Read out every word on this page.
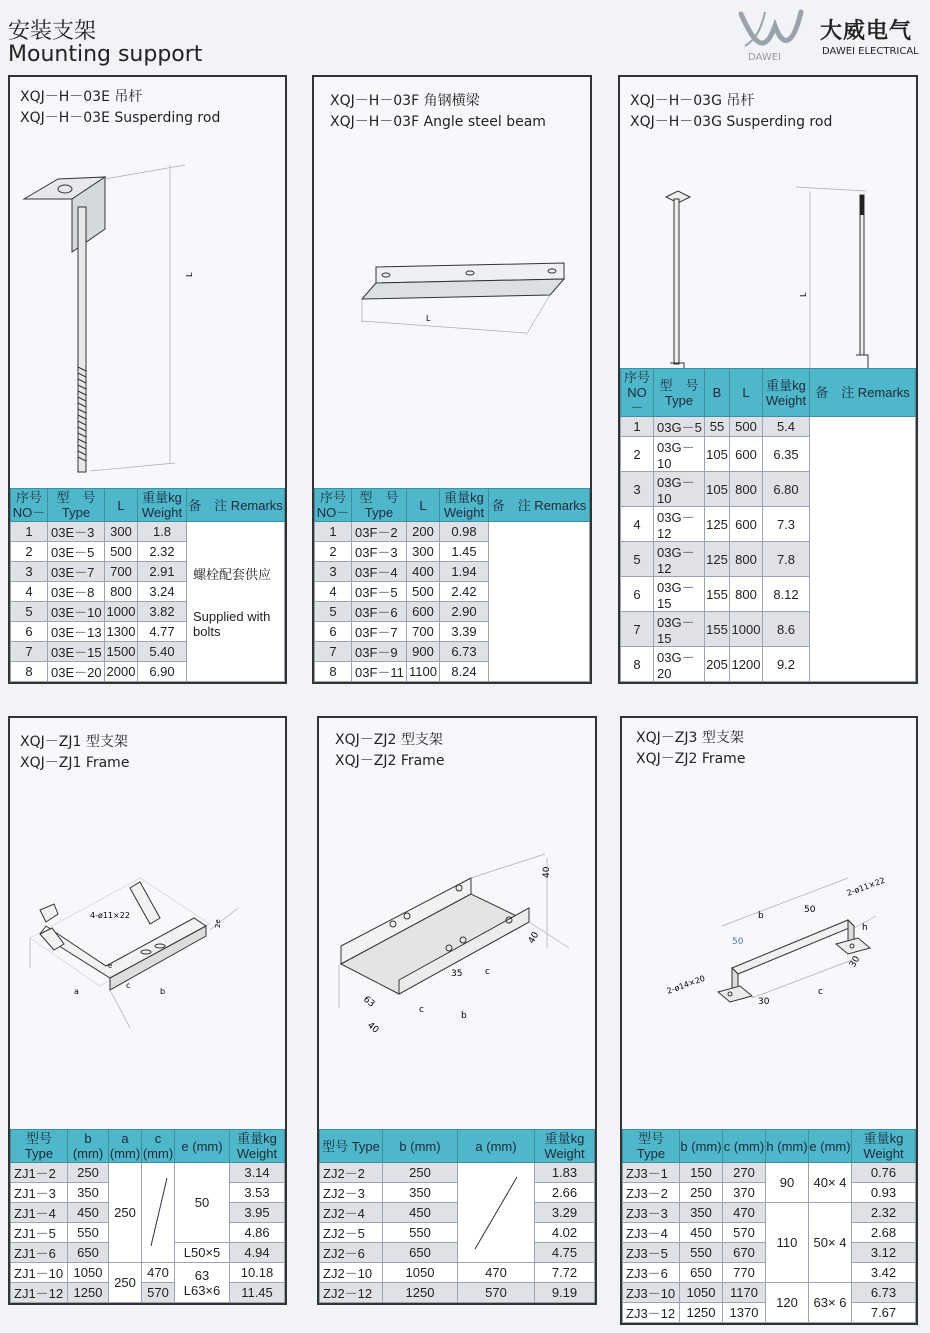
安装支架
Mounting support	DAWEI
大威电气
DAWEI ELECTRICAL
XQJ－H－03E 吊杆
XQJ－H－03E Susperding rod
L
序号 NO－	型　号 Type	L	重量kg Weight	备　注 Remarks
1	03E－3	300	1.8	螺栓配套供应
Supplied with bolts

2	03E－5	500	2.32	
3	03E－7	700	2.91	
4	03E－8	800	3.24	
5	03E－10	1000	3.82	
6	03E－13	1300	4.77	
7	03E－15	1500	5.40	
8	03E－20	2000	6.90	
XQJ－H－03F 角钢横梁
XQJ－H－03F Angle steel beam
L
序号 NO－	型　号 Type	L	重量kg Weight	备　注 Remarks
1	03F－2	200	0.98	
2	03F－3	300	1.45	
3	03F－4	400	1.94	
4	03F－5	500	2.42	
5	03F－6	600	2.90	
6	03F－7	700	3.39	
7	03F－9	900	6.73	
8	03F－11	1100	8.24	
XQJ－H－03G 吊杆
XQJ－H－03G Susperding rod
L
序号 NO－	型　号 Type	B	L	重量kg Weight	备　注 Remarks
1	03G－5	55	500	5.4	
2	03G－10	105	600	6.35	
3	03G－10	105	800	6.80	
4	03G－12	125	600	7.3	
5	03G－12	125	800	7.8	
6	03G－15	155	800	8.12	
7	03G－15	155	1000	8.6	
8	03G－20	205	1200	9.2	
XQJ－ZJ1 型支架
XQJ－ZJ1 Frame
4-ø11×22
e
2e
a
c
b
型号 Type	b (mm)	a (mm)	c (mm)	e (mm)	重量kg Weight
ZJ1－2	250	250		50	3.14
ZJ1－3	350				3.53
ZJ1－4	450				3.95
ZJ1－5	550				4.86
ZJ1－6	650			L50×5	4.94
ZJ1－10	1050	250	470	63 L63×6	10.18
ZJ1－12	1250		570		11.45
XQJ－ZJ2 型支架
XQJ－ZJ2 Frame
40
40
63
40
35
b
c
c
型号 Type	b (mm)	a (mm)	重量kg Weight
ZJ2－2	250		1.83
ZJ2－3	350		2.66
ZJ2－4	450		3.29
ZJ2－5	550		4.02
ZJ2－6	650		4.75
ZJ2－10	1050	470	7.72
ZJ2－12	1250	570	9.19
XQJ－ZJ3 型支架
XQJ－ZJ2 Frame
2-ø11×22
2-ø14×20
b
50
50
h
30
30
c
型号 Type	b (mm)	c (mm)	h (mm)	e (mm)	重量kg Weight
ZJ3－1	150	270	90	40× 4	0.76
ZJ3－2	250	370			0.93
ZJ3－3	350	470	110	50× 4	2.32
ZJ3－4	450	570			2.68
ZJ3－5	550	670			3.12
ZJ3－6	650	770			3.42
ZJ3－10	1050	1170	120	63× 6	6.73
ZJ3－12	1250	1370			7.67
